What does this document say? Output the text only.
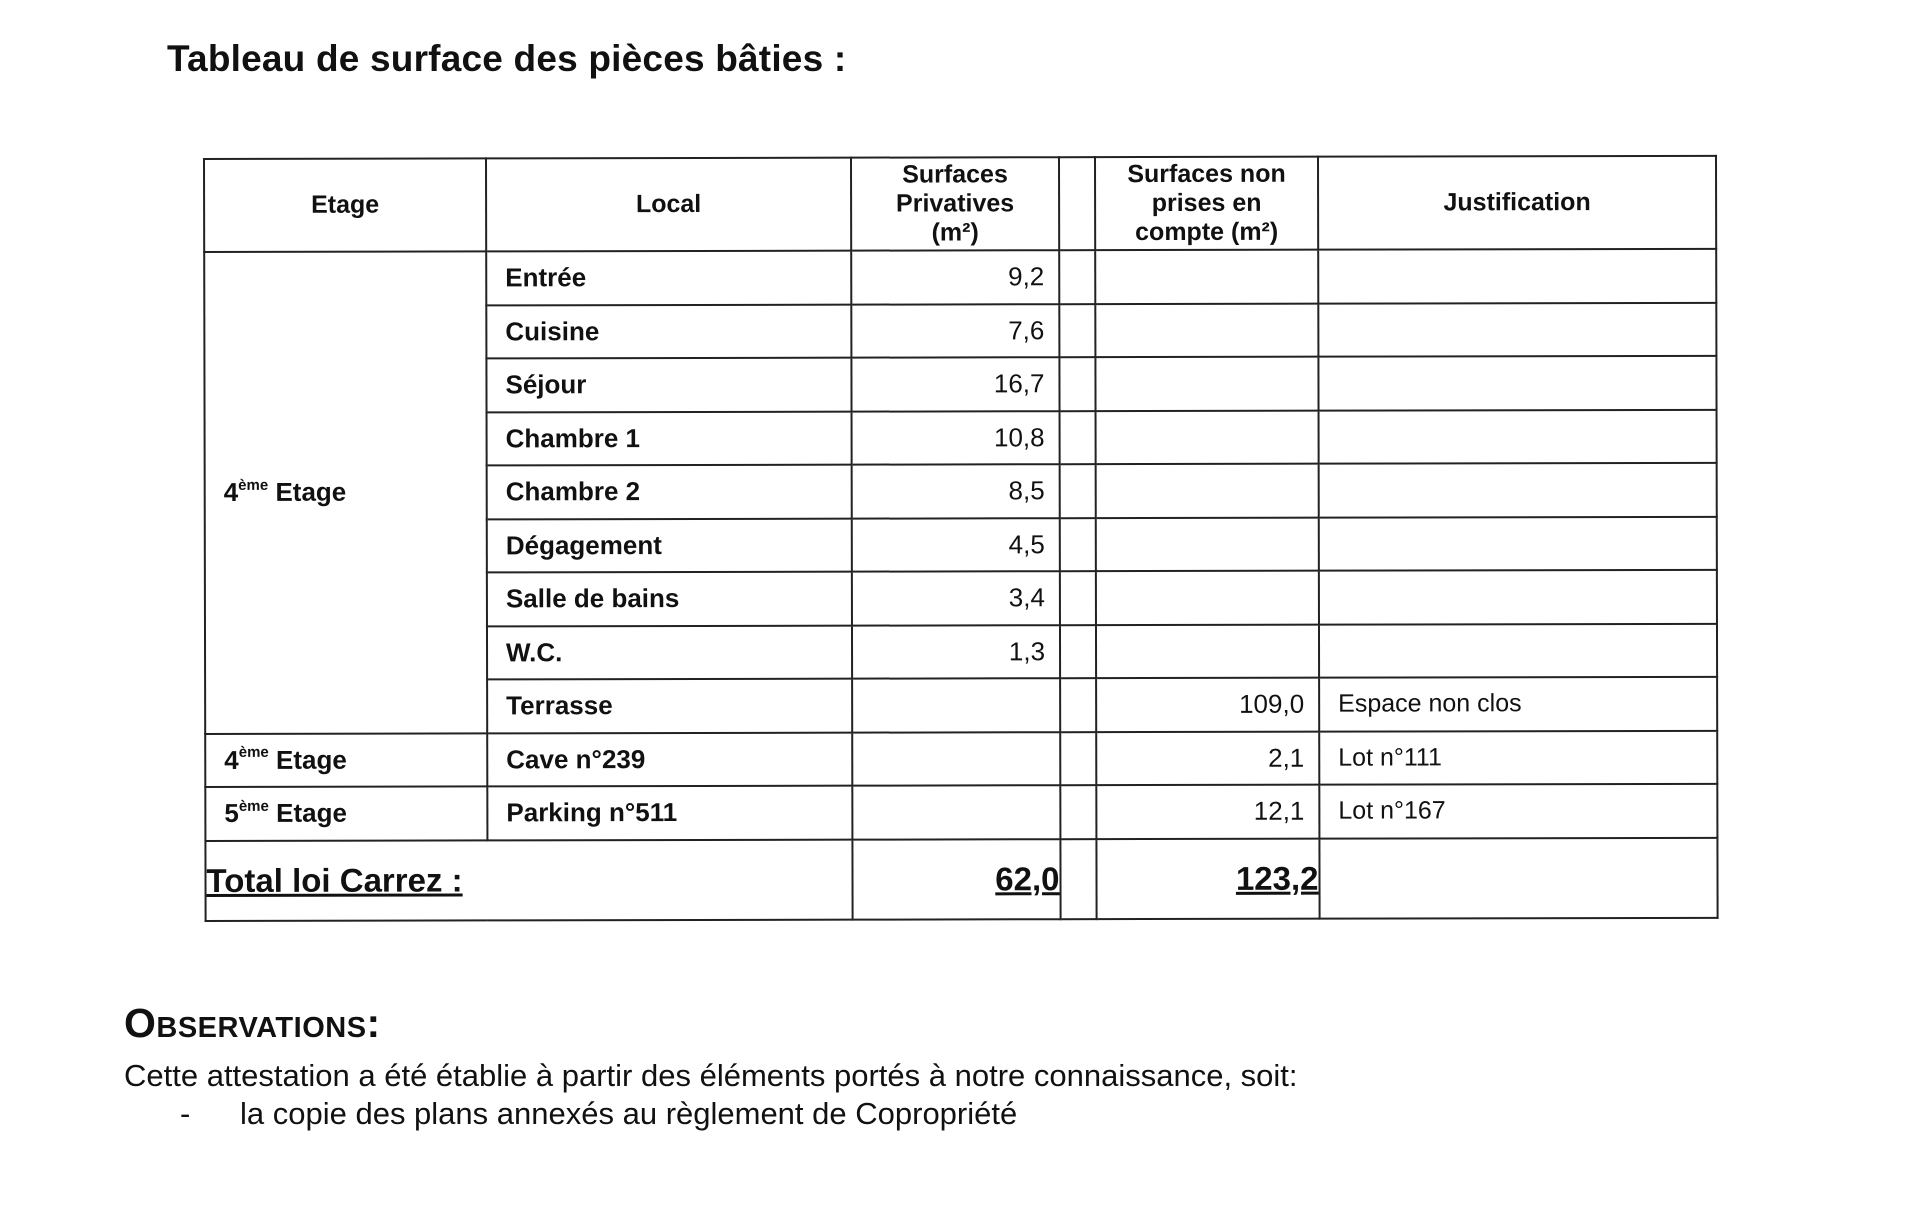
Tableau de surface des pièces bâties :
Etage	Local	Surfaces
Privatives
(m²)		Surfaces non
prises en
compte (m²)	Justification
4ème Etage	Entrée	9,2			
	Cuisine	7,6			
	Séjour	16,7			
	Chambre 1	10,8			
	Chambre 2	8,5			
	Dégagement	4,5			
	Salle de bains	3,4			
	W.C.	1,3			
	Terrasse			109,0	Espace non clos
4ème Etage	Cave n°239			2,1	Lot n°111
5ème Etage	Parking n°511			12,1	Lot n°167
Total loi Carrez :		62,0		123,2	
Observations:

Cette attestation a été établie à partir des éléments portés à notre connaissance, soit:

-	la copie des plans annexés au règlement de Copropriété
